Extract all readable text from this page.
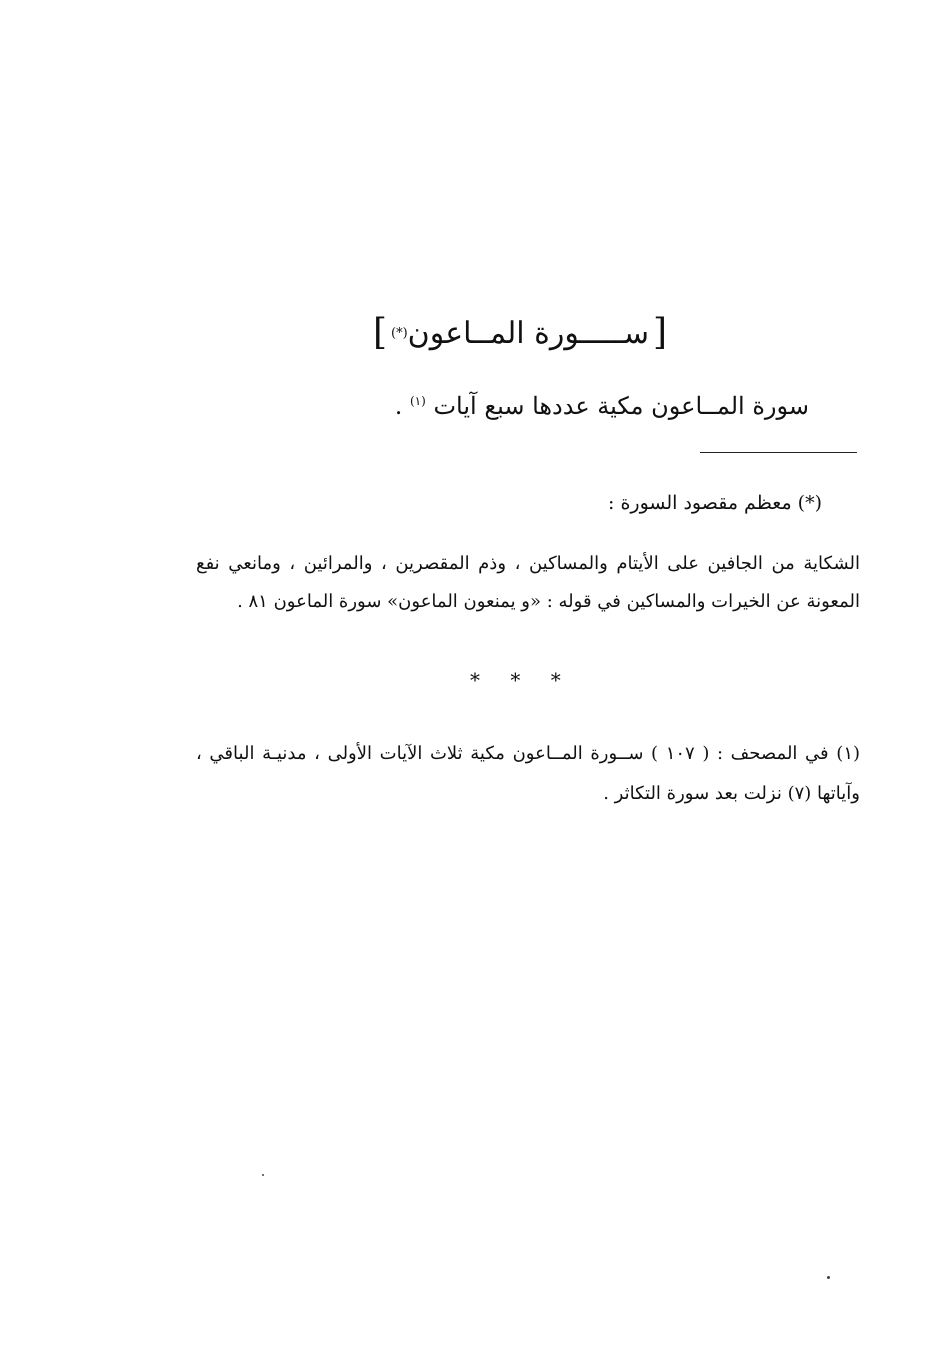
[
ســـــورة المــاعون
(*)
]
سورة المــاعون مكية عددها سبع آيات $^{(١)}$ .
(*) معظم مقصود السورة :
الشكاية من الجافين على الأيتام والمساكين ، وذم المقصرين ، والمرائين ، ومانعي نفع المعونة عن الخيرات والمساكين في قوله : «و يمنعون الماعون» سورة الماعون ٨١ .
* * *
(١) في المصحف : ( ١٠٧ ) ســورة المــاعون مكية ثلاث الآيات الأولى ، مدنيـة الباقي ، وآياتها (٧) نزلت بعد سورة التكاثر .
